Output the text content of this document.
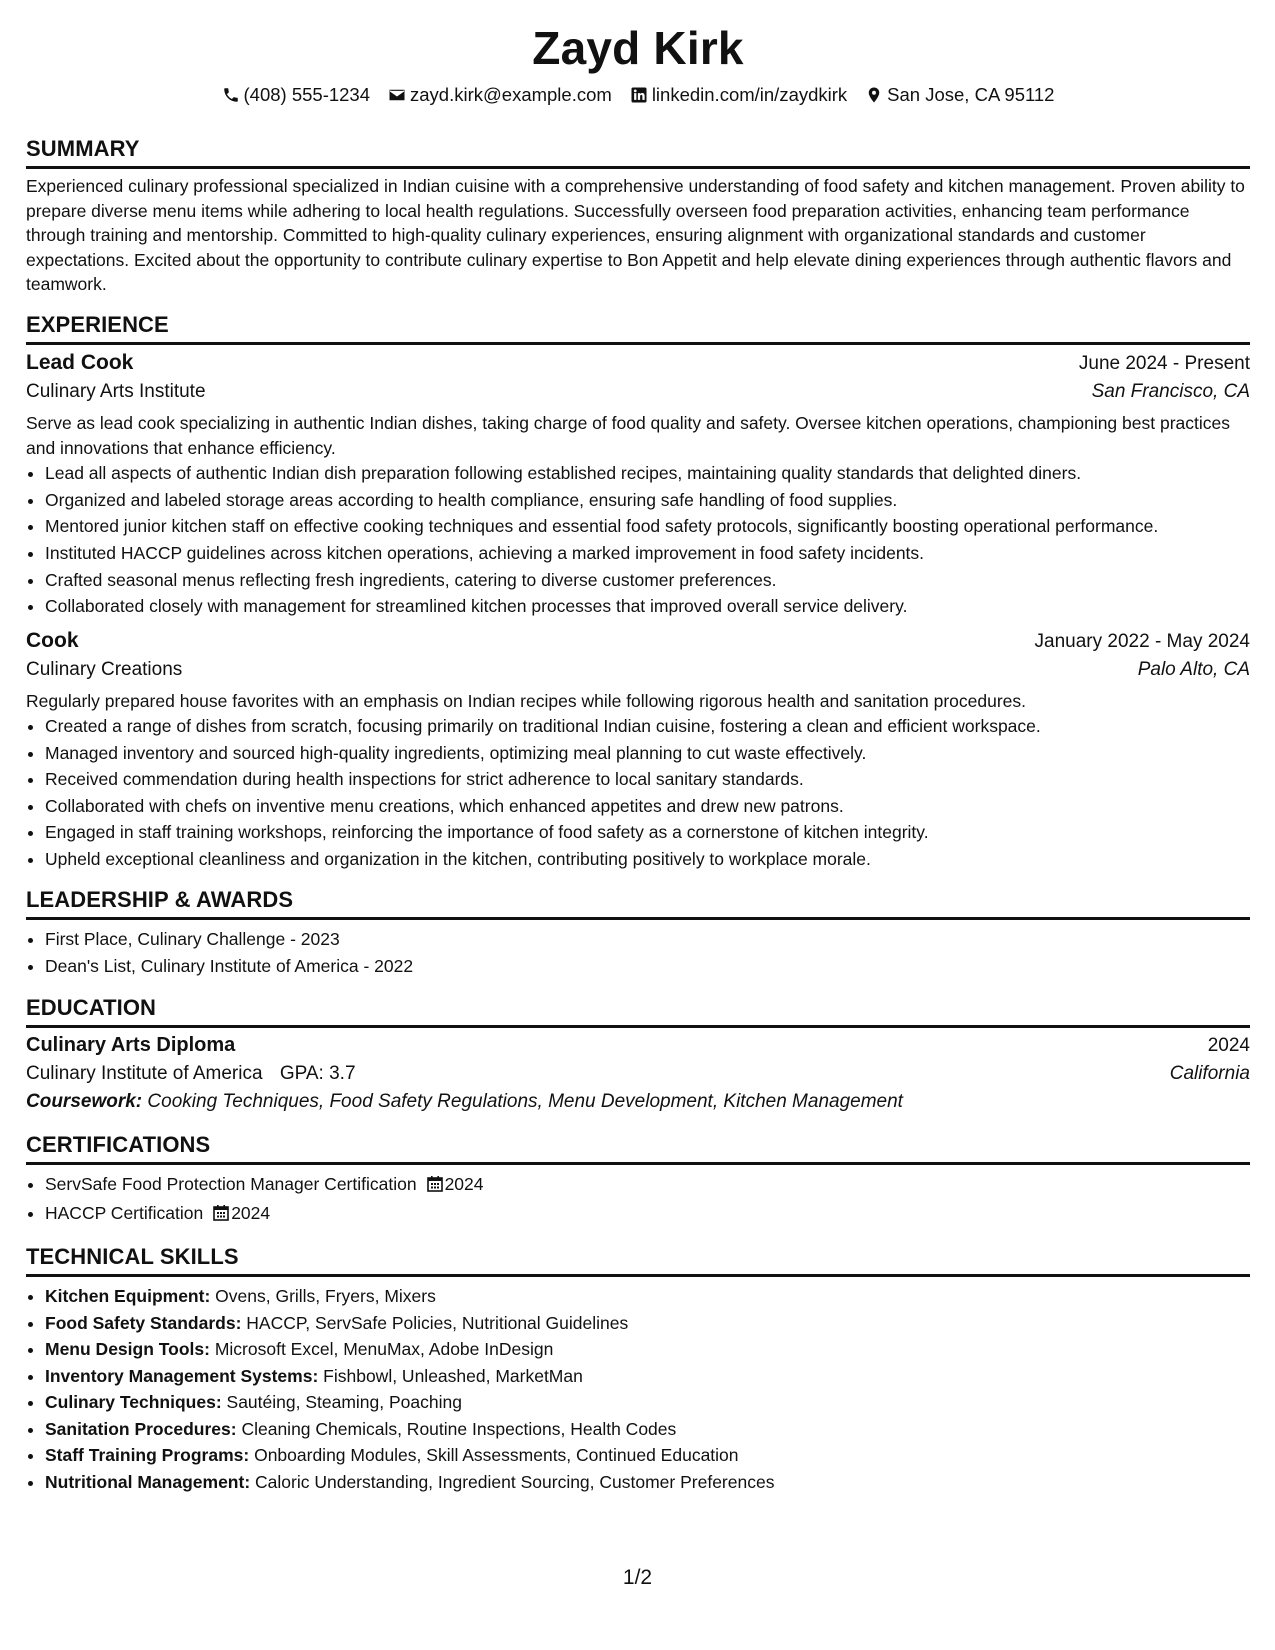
Zayd Kirk
(408) 555-1234 zayd.kirk@example.com linkedin.com/in/zaydkirk San Jose, CA 95112
SUMMARY

Experienced culinary professional specialized in Indian cuisine with a comprehensive understanding of food safety and kitchen management. Proven ability to prepare diverse menu items while adhering to local health regulations. Successfully overseen food preparation activities, enhancing team performance through training and mentorship. Committed to high-quality culinary experiences, ensuring alignment with organizational standards and customer expectations. Excited about the opportunity to contribute culinary expertise to Bon Appetit and help elevate dining experiences through authentic flavors and teamwork.

EXPERIENCE
Lead Cook	June 2024 - Present
Culinary Arts Institute	San Francisco, CA

Serve as lead cook specializing in authentic Indian dishes, taking charge of food quality and safety. Oversee kitchen operations, championing best practices and innovations that enhance efficiency.

• Lead all aspects of authentic Indian dish preparation following established recipes, maintaining quality standards that delighted diners.
• Organized and labeled storage areas according to health compliance, ensuring safe handling of food supplies.
• Mentored junior kitchen staff on effective cooking techniques and essential food safety protocols, significantly boosting operational performance.
• Instituted HACCP guidelines across kitchen operations, achieving a marked improvement in food safety incidents.
• Crafted seasonal menus reflecting fresh ingredients, catering to diverse customer preferences.
• Collaborated closely with management for streamlined kitchen processes that improved overall service delivery.
Cook	January 2022 - May 2024
Culinary Creations	Palo Alto, CA

Regularly prepared house favorites with an emphasis on Indian recipes while following rigorous health and sanitation procedures.

• Created a range of dishes from scratch, focusing primarily on traditional Indian cuisine, fostering a clean and efficient workspace.
• Managed inventory and sourced high-quality ingredients, optimizing meal planning to cut waste effectively.
• Received commendation during health inspections for strict adherence to local sanitary standards.
• Collaborated with chefs on inventive menu creations, which enhanced appetites and drew new patrons.
• Engaged in staff training workshops, reinforcing the importance of food safety as a cornerstone of kitchen integrity.
• Upheld exceptional cleanliness and organization in the kitchen, contributing positively to workplace morale.
LEADERSHIP & AWARDS
• First Place, Culinary Challenge - 2023
• Dean's List, Culinary Institute of America - 2022
EDUCATION
Culinary Arts Diploma	2024
Culinary Institute of America GPA: 3.7	California
Coursework: Cooking Techniques, Food Safety Regulations, Menu Development, Kitchen Management
CERTIFICATIONS
• ServSafe Food Protection Manager Certification 2024
• HACCP Certification 2024
TECHNICAL SKILLS
• Kitchen Equipment: Ovens, Grills, Fryers, Mixers
• Food Safety Standards: HACCP, ServSafe Policies, Nutritional Guidelines
• Menu Design Tools: Microsoft Excel, MenuMax, Adobe InDesign
• Inventory Management Systems: Fishbowl, Unleashed, MarketMan
• Culinary Techniques: Sautéing, Steaming, Poaching
• Sanitation Procedures: Cleaning Chemicals, Routine Inspections, Health Codes
• Staff Training Programs: Onboarding Modules, Skill Assessments, Continued Education
• Nutritional Management: Caloric Understanding, Ingredient Sourcing, Customer Preferences
1/2
